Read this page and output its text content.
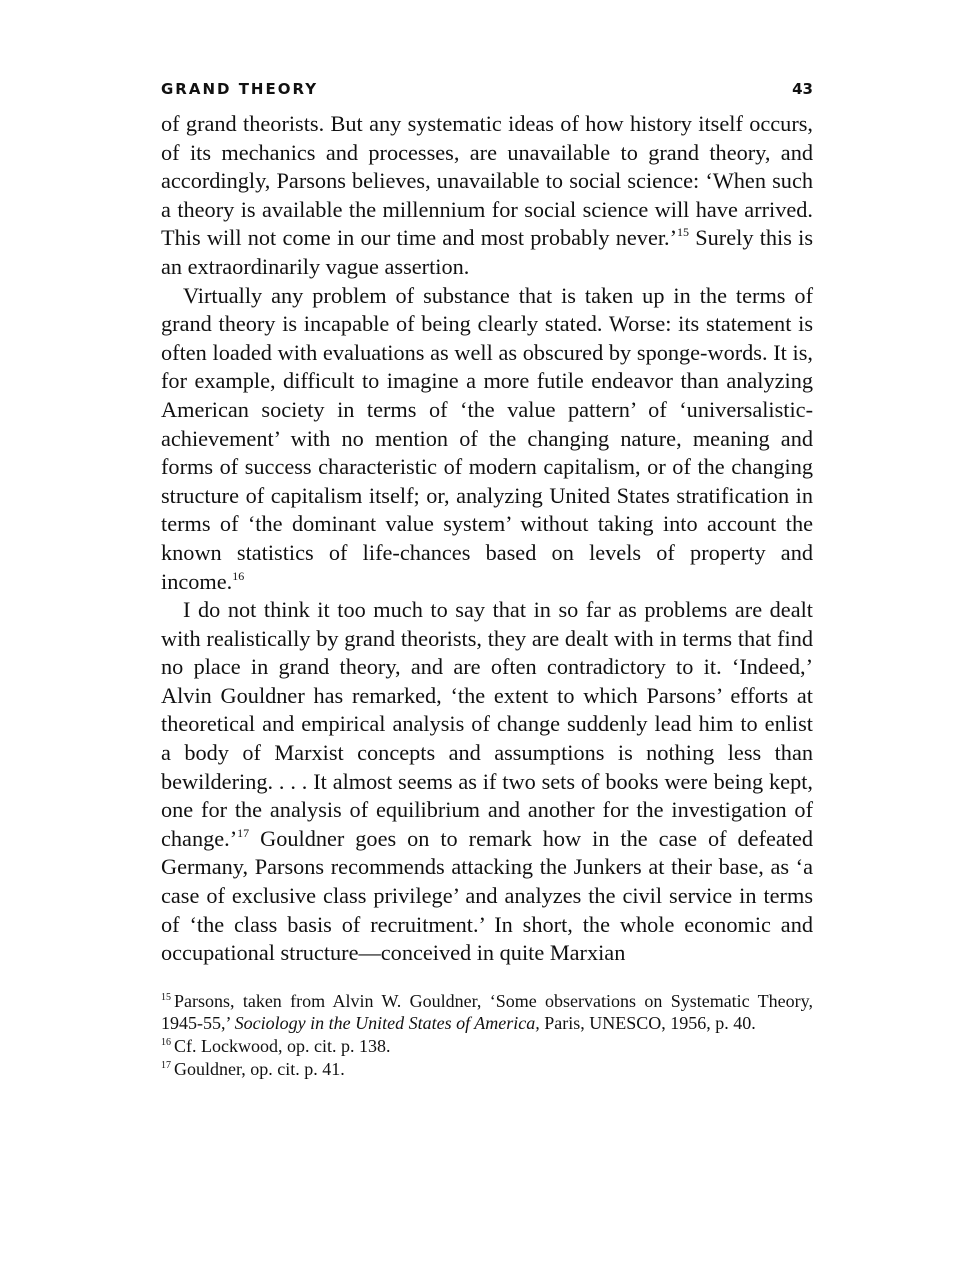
GRAND THEORY	43

of grand theorists. But any systematic ideas of how history itself occurs, of its mechanics and processes, are unavailable to grand theory, and accordingly, Parsons believes, unavailable to social science: ‘When such a theory is available the millennium for social science will have arrived. This will not come in our time and most probably never.’$^{15}$ Surely this is an extraordinarily vague assertion.

Virtually any problem of substance that is taken up in the terms of grand theory is incapable of being clearly stated. Worse: its statement is often loaded with evaluations as well as obscured by sponge-words. It is, for example, difficult to imagine a more futile endeavor than analyzing American society in terms of ‘the value pattern’ of ‘universalistic-achievement’ with no mention of the changing nature, meaning and forms of success characteristic of modern capitalism, or of the changing structure of capitalism itself; or, analyzing United States stratification in terms of ‘the dominant value system’ without taking into account the known statistics of life-chances based on levels of property and income.$^{16}$

I do not think it too much to say that in so far as problems are dealt with realistically by grand theorists, they are dealt with in terms that find no place in grand theory, and are often contradictory to it. ‘Indeed,’ Alvin Gouldner has remarked, ‘the extent to which Parsons’ efforts at theoretical and empirical analysis of change suddenly lead him to enlist a body of Marxist concepts and assumptions is nothing less than bewildering. . . . It almost seems as if two sets of books were being kept, one for the analysis of equilibrium and another for the investigation of change.’$^{17}$ Gouldner goes on to remark how in the case of defeated Germany, Parsons recommends attacking the Junkers at their base, as ‘a case of exclusive class privilege’ and analyzes the civil service in terms of ‘the class basis of recruitment.’ In short, the whole economic and occupational structure—conceived in quite Marxian

$^{15}$ Parsons, taken from Alvin W. Gouldner, ‘Some observations on Systematic Theory, 1945-55,’ Sociology in the United States of America, Paris, UNESCO, 1956, p. 40.

$^{16}$ Cf. Lockwood, op. cit. p. 138.

$^{17}$ Gouldner, op. cit. p. 41.
